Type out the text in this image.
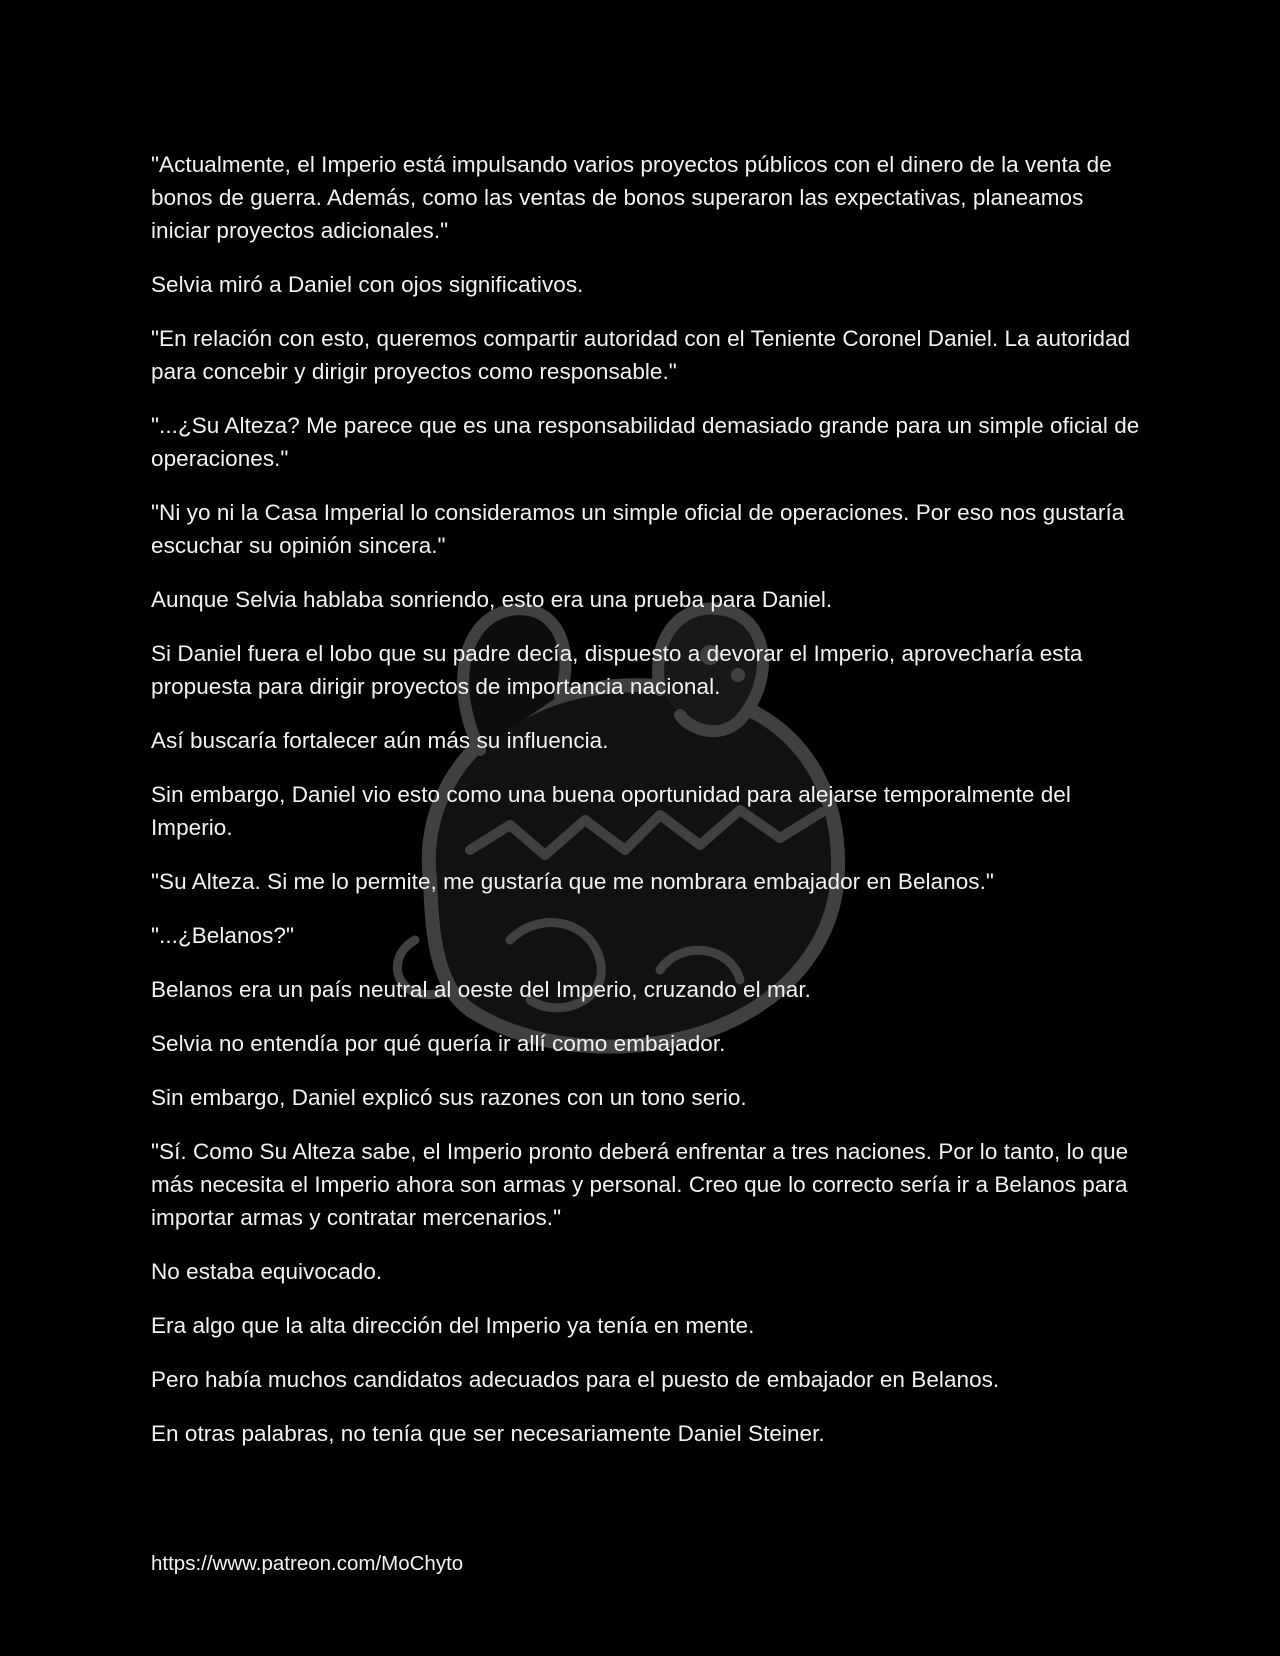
"Actualmente, el Imperio está impulsando varios proyectos públicos con el dinero de la venta de bonos de guerra. Además, como las ventas de bonos superaron las expectativas, planeamos iniciar proyectos adicionales."

Selvia miró a Daniel con ojos significativos.

"En relación con esto, queremos compartir autoridad con el Teniente Coronel Daniel. La autoridad para concebir y dirigir proyectos como responsable."

"...¿Su Alteza? Me parece que es una responsabilidad demasiado grande para un simple oficial de operaciones."

"Ni yo ni la Casa Imperial lo consideramos un simple oficial de operaciones. Por eso nos gustaría escuchar su opinión sincera."

Aunque Selvia hablaba sonriendo, esto era una prueba para Daniel.

Si Daniel fuera el lobo que su padre decía, dispuesto a devorar el Imperio, aprovecharía esta propuesta para dirigir proyectos de importancia nacional.

Así buscaría fortalecer aún más su influencia.

Sin embargo, Daniel vio esto como una buena oportunidad para alejarse temporalmente del Imperio.

"Su Alteza. Si me lo permite, me gustaría que me nombrara embajador en Belanos."

"...¿Belanos?"

Belanos era un país neutral al oeste del Imperio, cruzando el mar.

Selvia no entendía por qué quería ir allí como embajador.

Sin embargo, Daniel explicó sus razones con un tono serio.

"Sí. Como Su Alteza sabe, el Imperio pronto deberá enfrentar a tres naciones. Por lo tanto, lo que más necesita el Imperio ahora son armas y personal. Creo que lo correcto sería ir a Belanos para importar armas y contratar mercenarios."

No estaba equivocado.

Era algo que la alta dirección del Imperio ya tenía en mente.

Pero había muchos candidatos adecuados para el puesto de embajador en Belanos.

En otras palabras, no tenía que ser necesariamente Daniel Steiner.

https://www.patreon.com/MoChyto
